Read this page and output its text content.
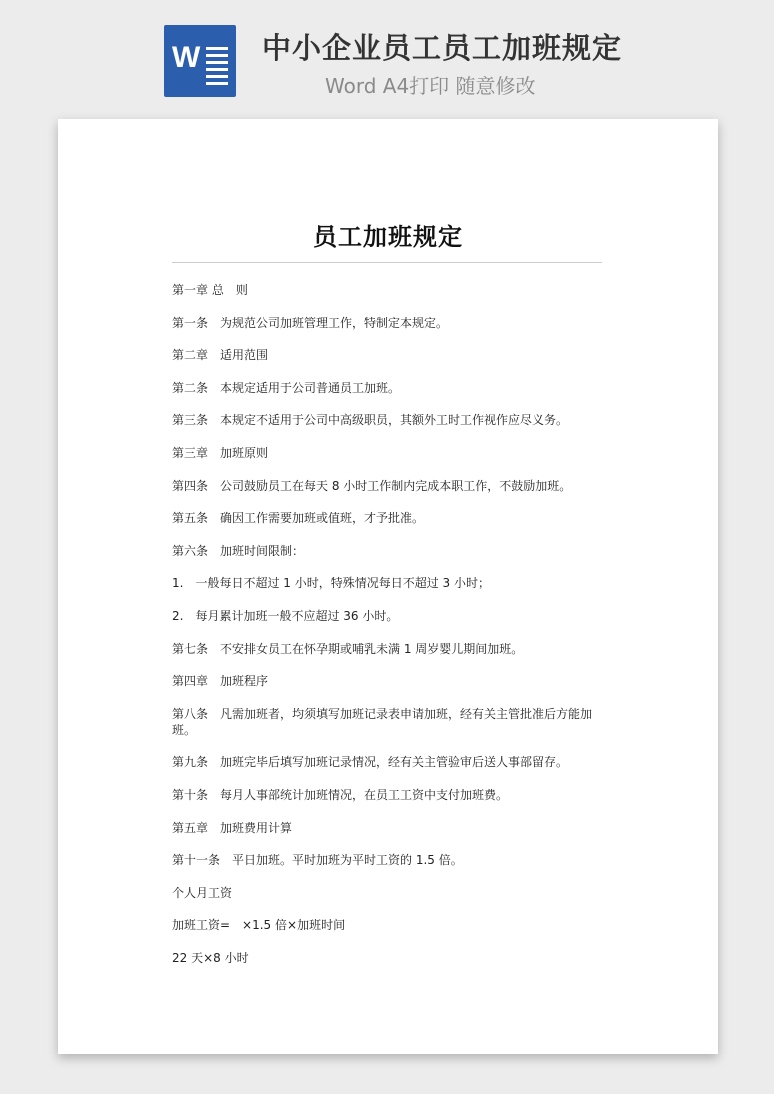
W 中小企业员工员工加班规定
Word A4打印 随意修改
员工加班规定

第一章 总　则

第一条　为规范公司加班管理工作，特制定本规定。

第二章　适用范围

第二条　本规定适用于公司普通员工加班。

第三条　本规定不适用于公司中高级职员，其额外工时工作视作应尽义务。

第三章　加班原则

第四条　公司鼓励员工在每天 8 小时工作制内完成本职工作，不鼓励加班。

第五条　确因工作需要加班或值班，才予批准。

第六条　加班时间限制：

1.　一般每日不超过 1 小时，特殊情况每日不超过 3 小时；

2.　每月累计加班一般不应超过 36 小时。

第七条　不安排女员工在怀孕期或哺乳未满 1 周岁婴儿期间加班。

第四章　加班程序

第八条　凡需加班者，均须填写加班记录表申请加班，经有关主管批准后方能加班。

第九条　加班完毕后填写加班记录情况，经有关主管验审后送人事部留存。

第十条　每月人事部统计加班情况，在员工工资中支付加班费。

第五章　加班费用计算

第十一条　平日加班。平时加班为平时工资的 1.5 倍。

个人月工资

加班工资=　×1.5 倍×加班时间

22 天×8 小时
